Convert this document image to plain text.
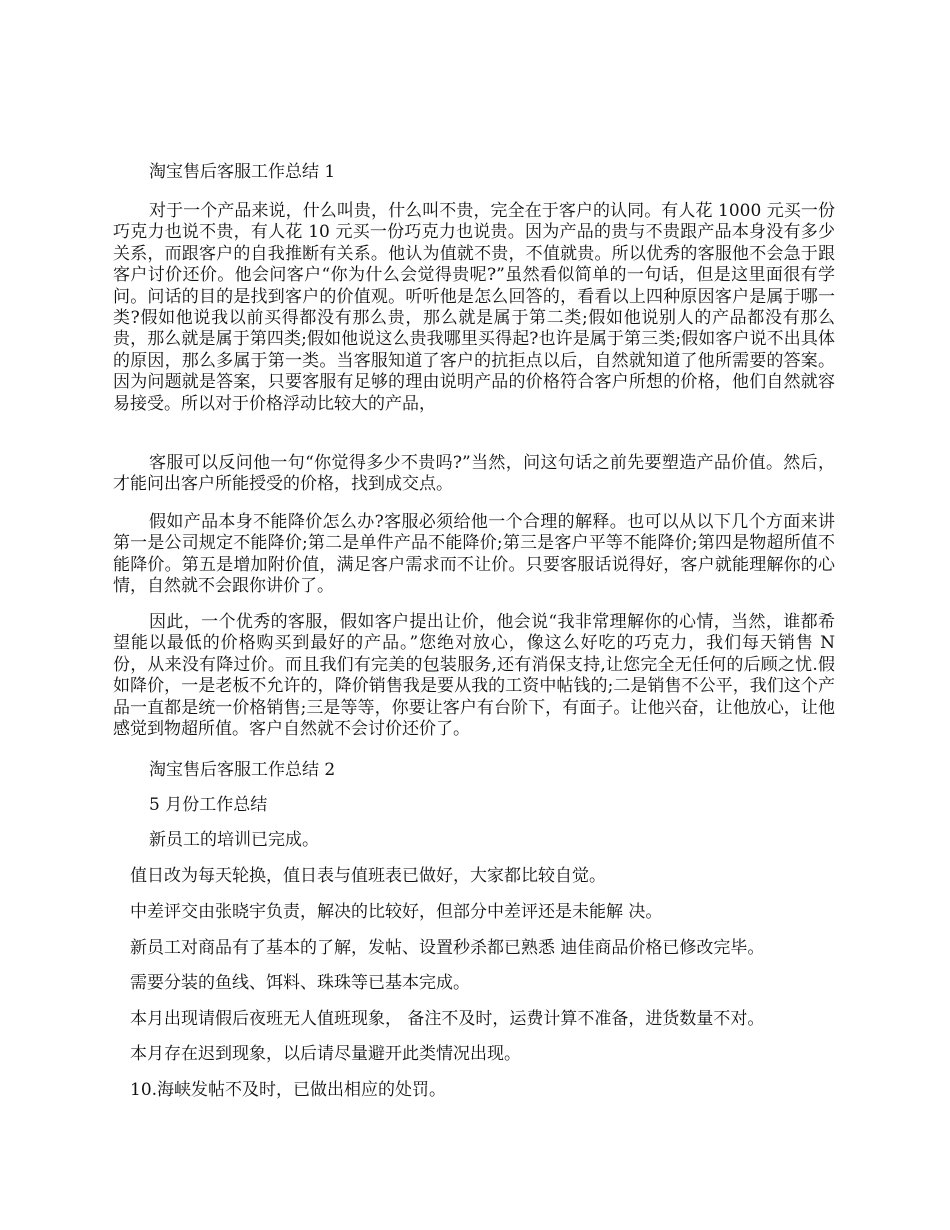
淘宝售后客服工作总结 1

对于一个产品来说，什么叫贵，什么叫不贵，完全在于客户的认同。有人花 1000 元买一份巧克力也说不贵，有人花 10 元买一份巧克力也说贵。因为产品的贵与不贵跟产品本身没有多少关系，而跟客户的自我推断有关系。他认为值就不贵，不值就贵。所以优秀的客服他不会急于跟客户讨价还价。他会问客户“你为什么会觉得贵呢?”虽然看似简单的一句话，但是这里面很有学问。问话的目的是找到客户的价值观。听听他是怎么回答的，看看以上四种原因客户是属于哪一类?假如他说我以前买得都没有那么贵，那么就是属于第二类;假如他说别人的产品都没有那么贵，那么就是属于第四类;假如他说这么贵我哪里买得起?也许是属于第三类;假如客户说不出具体的原因，那么多属于第一类。当客服知道了客户的抗拒点以后，自然就知道了他所需要的答案。因为问题就是答案，只要客服有足够的理由说明产品的价格符合客户所想的价格，他们自然就容易接受。所以对于价格浮动比较大的产品，

客服可以反问他一句“你觉得多少不贵吗?”当然，问这句话之前先要塑造产品价值。然后，才能问出客户所能授受的价格，找到成交点。

假如产品本身不能降价怎么办?客服必须给他一个合理的解释。也可以从以下几个方面来讲第一是公司规定不能降价;第二是单件产品不能降价;第三是客户平等不能降价;第四是物超所值不能降价。第五是增加附价值，满足客户需求而不让价。只要客服话说得好，客户就能理解你的心情，自然就不会跟你讲价了。

因此，一个优秀的客服，假如客户提出让价，他会说“我非常理解你的心情，当然，谁都希望能以最低的价格购买到最好的产品。”您绝对放心，像这么好吃的巧克力，我们每天销售 N 份，从来没有降过价。而且我们有完美的包装服务,还有消保支持,让您完全无任何的后顾之忧.假如降价，一是老板不允许的，降价销售我是要从我的工资中帖钱的;二是销售不公平，我们这个产品一直都是统一价格销售;三是等等，你要让客户有台阶下，有面子。让他兴奋，让他放心，让他感觉到物超所值。客户自然就不会讨价还价了。

淘宝售后客服工作总结 2

5 月份工作总结

新员工的培训已完成。

值日改为每天轮换，值日表与值班表已做好，大家都比较自觉。

中差评交由张晓宇负责，解决的比较好，但部分中差评还是未能解 决。

新员工对商品有了基本的了解，发帖、设置秒杀都已熟悉 迪佳商品价格已修改完毕。

需要分装的鱼线、饵料、珠珠等已基本完成。

本月出现请假后夜班无人值班现象， 备注不及时，运费计算不准备，进货数量不对。

本月存在迟到现象，以后请尽量避开此类情况出现。

10.海峡发帖不及时，已做出相应的处罚。
